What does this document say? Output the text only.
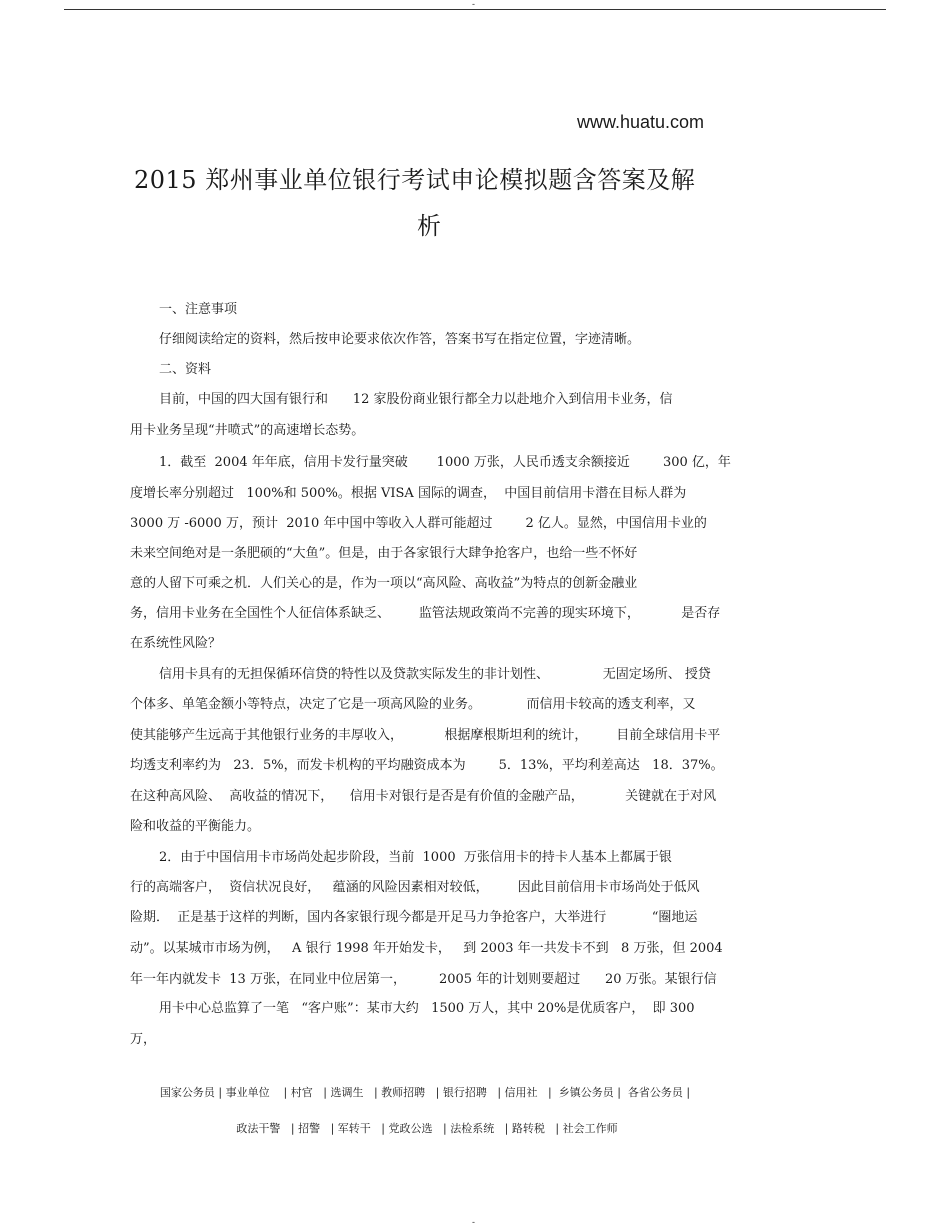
-
www.huatu.com
2015 郑州事业单位银行考试申论模拟题含答案及解
析

一、注意事项

仔细阅读给定的资料，然后按申论要求依次作答，答案书写在指定位置，字迹清晰。

二、资料

目前，中国的四大国有银行和      12 家股份商业银行都全力以赴地介入到信用卡业务，信

用卡业务呈现“井喷式”的高速增长态势。

1．截至  2004 年年底，信用卡发行量突破       1000 万张，人民币透支余额接近        300 亿，年

度增长率分别超过   100%和 500%。根据 VISA 国际的调查，  中国目前信用卡潜在目标人群为

3000 万 -6000 万，预计  2010 年中国中等收入人群可能超过        2 亿人。显然，中国信用卡业的

未来空间绝对是一条肥硕的“大鱼”。但是，由于各家银行大肆争抢客户，也给一些不怀好

意的人留下可乘之机．人们关心的是，作为一项以“高风险、高收益”为特点的创新金融业

务，信用卡业务在全国性个人征信体系缺乏、       监管法规政策尚不完善的现实环境下，          是否存

在系统性风险？

信用卡具有的无担保循环信贷的特性以及贷款实际发生的非计划性、             无固定场所、 授贷

个体多、单笔金额小等特点，决定了它是一项高风险的业务。           而信用卡较高的透支利率，又

使其能够产生远高于其他银行业务的丰厚收入，          根据摩根斯坦利的统计，       目前全球信用卡平

均透支利率约为   23．5%，而发卡机构的平均融资成本为        5．13%，平均利差高达   18．37%。

在这种高风险、  高收益的情况下，    信用卡对银行是否是有价值的金融产品，          关键就在于对风

险和收益的平衡能力。

2．由于中国信用卡市场尚处起步阶段，当前  1000  万张信用卡的持卡人基本上都属于银

行的高端客户，  资信状况良好，   蕴涵的风险因素相对较低，       因此目前信用卡市场尚处于低风

险期．  正是基于这样的判断，国内各家银行现今都是开足马力争抢客户，大举进行           “圈地运

动”。以某城市市场为例，   A 银行 1998 年开始发卡，   到 2003 年一共发卡不到   8 万张，但 2004

年一年内就发卡  13 万张，在同业中位居第一，        2005 年的计划则要超过      20 万张。某银行信

用卡中心总监算了一笔   “客户账”：某市大约   1500 万人，其中 20%是优质客户，  即 300

万，

国家公务员 | 事业单位    | 村官   | 选调生   | 教师招聘   | 银行招聘   | 信用社   |  乡镇公务员 |  各省公务员 |
政法干警   | 招警   | 军转干   | 党政公选   | 法检系统   | 路转税   | 社会工作师
-
